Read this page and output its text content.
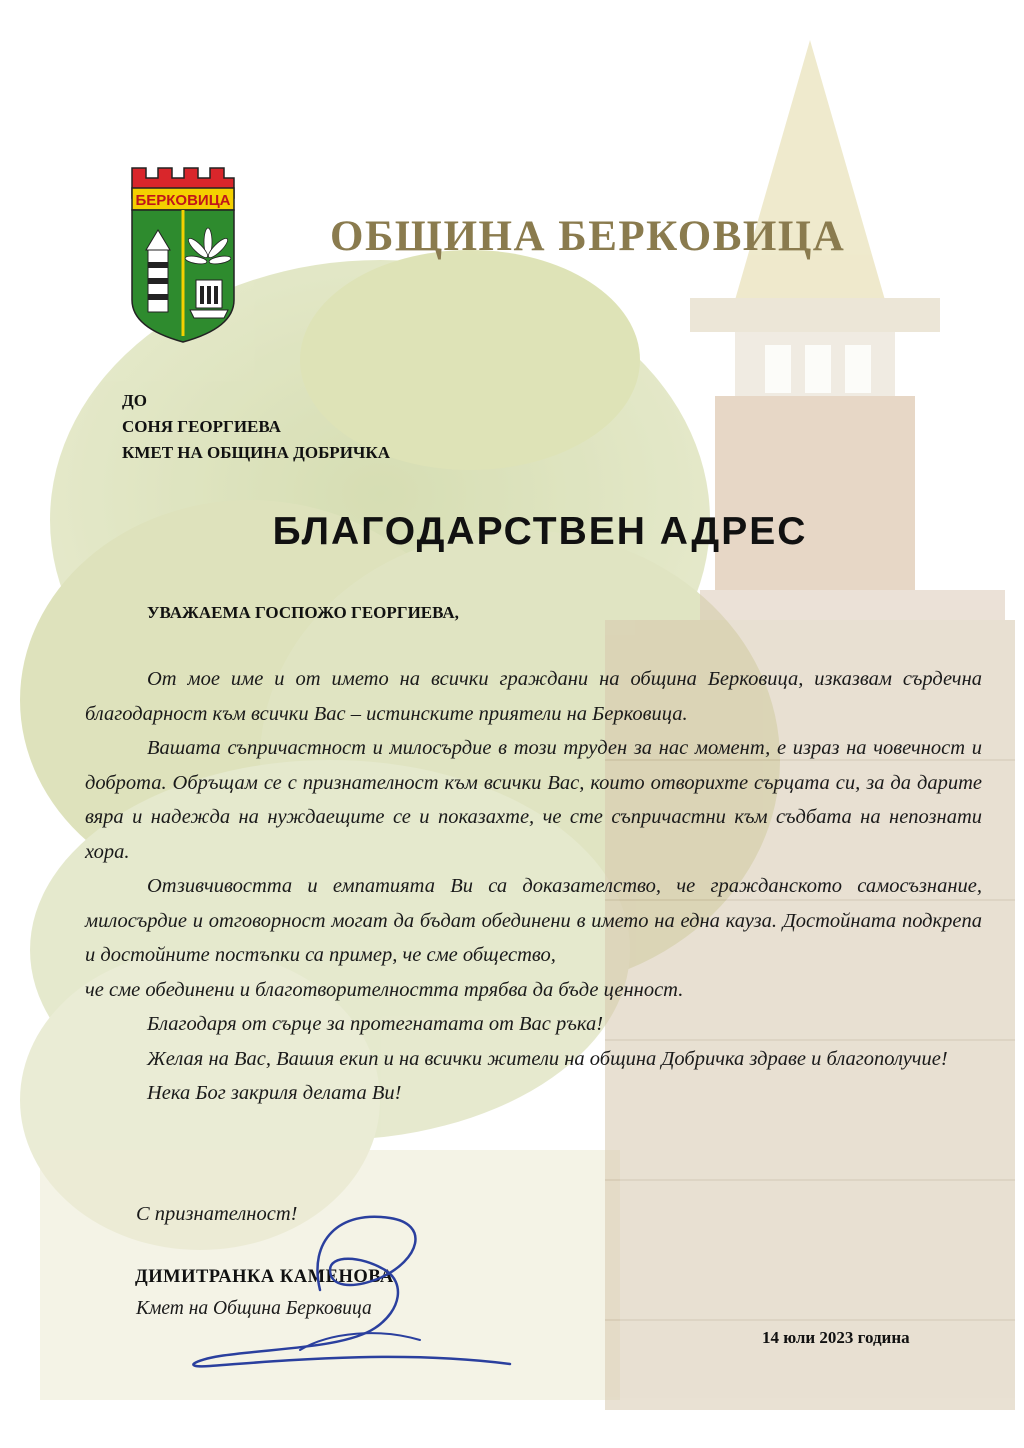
БЕРКОВИЦА
ОБЩИНА БЕРКОВИЦА
ДО
СОНЯ ГЕОРГИЕВА
КМЕТ НА ОБЩИНА ДОБРИЧКА
БЛАГОДАРСТВЕН АДРЕС
УВАЖАЕМА ГОСПОЖО ГЕОРГИЕВА,

От мое име и от името на всички граждани на община Берковица, изказвам сърдечна благодарност към всички Вас – истинските приятели на Берковица.

Вашата съпричастност и милосърдие в този труден за нас момент, е израз на човечност и доброта. Обръщам се с признателност към всички Вас, които отворихте сърцата си, за да дарите вяра и надежда на нуждаещите се и показахте, че сте съпричастни към съдбата на непознати хора.

Отзивчивостта и емпатията Ви са доказателство, че гражданското самосъзнание, милосърдие и отговорност могат да бъдат обединени в името на една кауза. Достойната подкрепа и достойните постъпки са пример, че сме общество,

че сме обединени и благотворителността трябва да бъде ценност.

Благодаря от сърце за протегнатата от Вас ръка!

Желая на Вас, Вашия екип и на всички жители на община Добричка здраве и благополучие!

Нека Бог закриля делата Ви!

С признателност!
ДИМИТРАНКА КАМЕНОВА
Кмет на Община Берковица
14 юли 2023 година
